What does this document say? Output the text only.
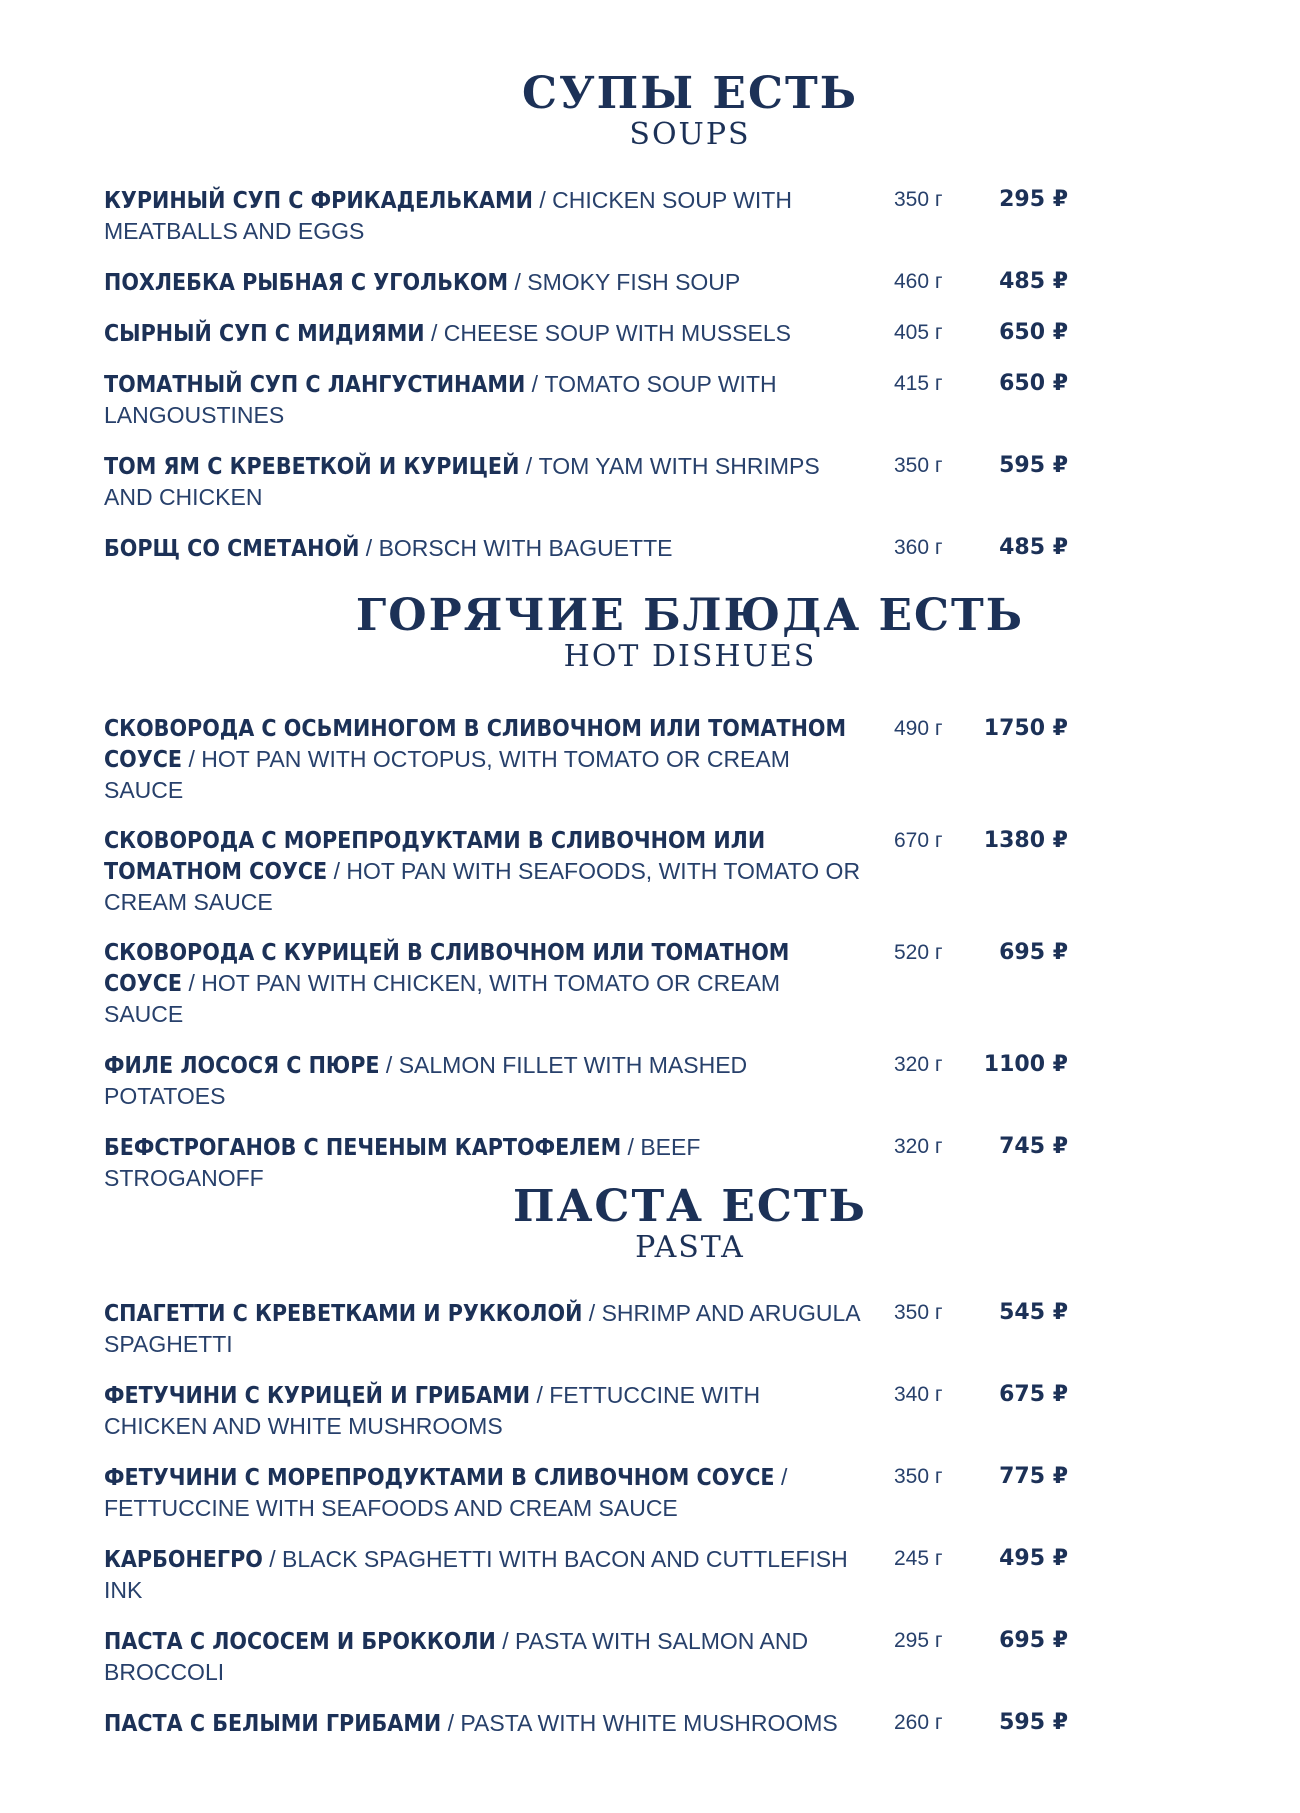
СУПЫ ЕСТЬ
SOUPS
КУРИНЫЙ СУП С ФРИКАДЕЛЬКАМИ / CHICKEN SOUP WITH MEATBALLS AND EGGS
350 г	295 ₽
ПОХЛЕБКА РЫБНАЯ С УГОЛЬКОМ / SMOKY FISH SOUP	460 г	485 ₽
СЫРНЫЙ СУП С МИДИЯМИ / CHEESE SOUP WITH MUSSELS	405 г	650 ₽
ТОМАТНЫЙ СУП С ЛАНГУСТИНАМИ / TOMATO SOUP WITH LANGOUSTINES
415 г	650 ₽
ТОМ ЯМ С КРЕВЕТКОЙ И КУРИЦЕЙ / TOM YAM WITH SHRIMPS AND CHICKEN
350 г	595 ₽
БОРЩ СО СМЕТАНОЙ / BORSCH WITH BAGUETTE	360 г	485 ₽
ГОРЯЧИЕ БЛЮДА ЕСТЬ
HOT DISHUES
СКОВОРОДА С ОСЬМИНОГОМ В СЛИВОЧНОМ ИЛИ ТОМАТНОМ СОУСЕ / HOT PAN WITH OCTOPUS, WITH TOMATO OR CREAM SAUCE
490 г	1750 ₽
СКОВОРОДА С МОРЕПРОДУКТАМИ В СЛИВОЧНОМ ИЛИ ТОМАТНОМ СОУСЕ / HOT PAN WITH SEAFOODS, WITH TOMATO OR CREAM SAUCE
670 г	1380 ₽
СКОВОРОДА С КУРИЦЕЙ В СЛИВОЧНОМ ИЛИ ТОМАТНОМ СОУСЕ / HOT PAN WITH CHICKEN, WITH TOMATO OR CREAM SAUCE
520 г	695 ₽
ФИЛЕ ЛОСОСЯ С ПЮРЕ / SALMON FILLET WITH MASHED POTATOES
320 г	1100 ₽
БЕФСТРОГАНОВ С ПЕЧЕНЫМ КАРТОФЕЛЕМ / BEEF STROGANOFF
320 г	745 ₽
ПАСТА ЕСТЬ
PASTA
СПАГЕТТИ С КРЕВЕТКАМИ И РУККОЛОЙ / SHRIMP AND ARUGULA SPAGHETTI
350 г	545 ₽
ФЕТУЧИНИ С КУРИЦЕЙ И ГРИБАМИ / FETTUCCINE WITH CHICKEN AND WHITE MUSHROOMS
340 г	675 ₽
ФЕТУЧИНИ С МОРЕПРОДУКТАМИ В СЛИВОЧНОМ СОУСЕ / FETTUCCINE WITH SEAFOODS AND CREAM SAUCE
350 г	775 ₽
КАРБОНЕГРО / BLACK SPAGHETTI WITH BACON AND CUTTLEFISH INK
245 г	495 ₽
ПАСТА С ЛОСОСЕМ И БРОККОЛИ / PASTA WITH SALMON AND BROCCOLI
295 г	695 ₽
ПАСТА С БЕЛЫМИ ГРИБАМИ / PASTA WITH WHITE MUSHROOMS	260 г	595 ₽
